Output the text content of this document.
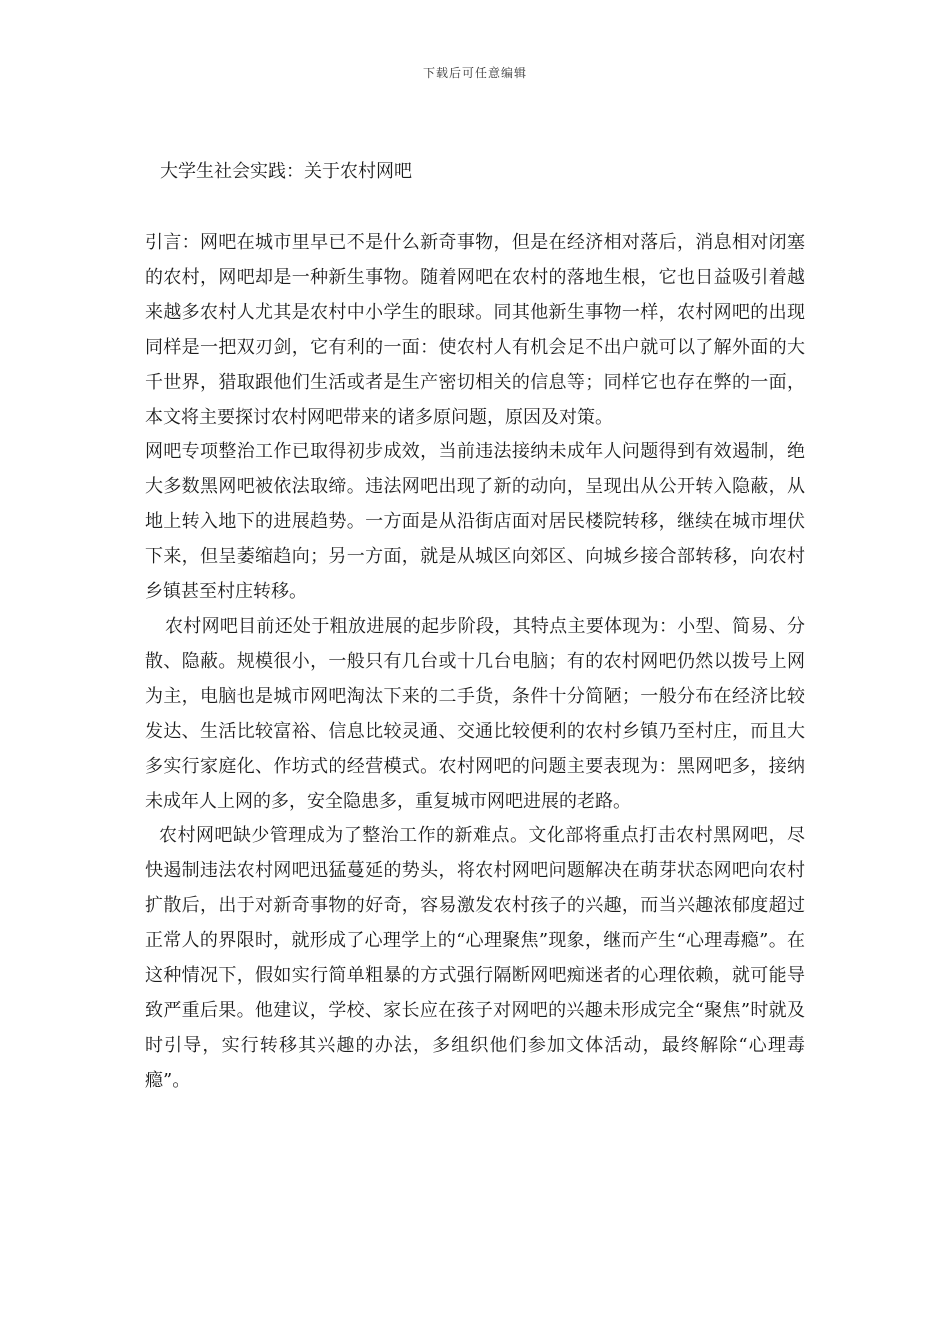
下载后可任意编辑
大学生社会实践：关于农村网吧

引言：网吧在城市里早已不是什么新奇事物，但是在经济相对落后，消息相对闭塞的农村，网吧却是一种新生事物。随着网吧在农村的落地生根，它也日益吸引着越来越多农村人尤其是农村中小学生的眼球。同其他新生事物一样，农村网吧的出现同样是一把双刃剑，它有利的一面：使农村人有机会足不出户就可以了解外面的大千世界，猎取跟他们生活或者是生产密切相关的信息等；同样它也存在弊的一面，本文将主要探讨农村网吧带来的诸多原问题，原因及对策。

网吧专项整治工作已取得初步成效，当前违法接纳未成年人问题得到有效遏制，绝大多数黑网吧被依法取缔。违法网吧出现了新的动向，呈现出从公开转入隐蔽，从地上转入地下的进展趋势。一方面是从沿街店面对居民楼院转移，继续在城市埋伏下来，但呈萎缩趋向；另一方面，就是从城区向郊区、向城乡接合部转移，向农村乡镇甚至村庄转移。

农村网吧目前还处于粗放进展的起步阶段，其特点主要体现为：小型、简易、分散、隐蔽。规模很小，一般只有几台或十几台电脑；有的农村网吧仍然以拨号上网为主，电脑也是城市网吧淘汰下来的二手货，条件十分简陋；一般分布在经济比较发达、生活比较富裕、信息比较灵通、交通比较便利的农村乡镇乃至村庄，而且大多实行家庭化、作坊式的经营模式。农村网吧的问题主要表现为：黑网吧多，接纳未成年人上网的多，安全隐患多，重复城市网吧进展的老路。

农村网吧缺少管理成为了整治工作的新难点。文化部将重点打击农村黑网吧，尽快遏制违法农村网吧迅猛蔓延的势头，将农村网吧问题解决在萌芽状态网吧向农村扩散后，出于对新奇事物的好奇，容易激发农村孩子的兴趣，而当兴趣浓郁度超过正常人的界限时，就形成了心理学上的“心理聚焦”现象，继而产生“心理毒瘾”。在这种情况下，假如实行简单粗暴的方式强行隔断网吧痴迷者的心理依赖，就可能导致严重后果。他建议，学校、家长应在孩子对网吧的兴趣未形成完全“聚焦”时就及时引导，实行转移其兴趣的办法，多组织他们参加文体活动，最终解除“心理毒瘾”。
